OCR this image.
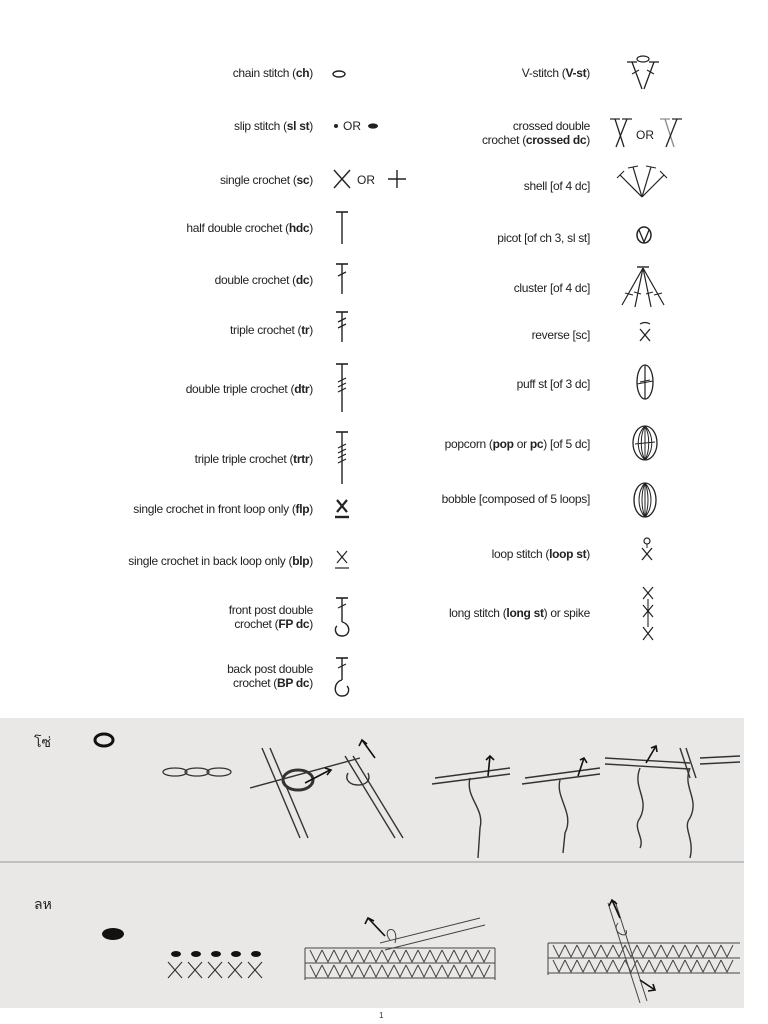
chain stitch (ch)
slip stitch (sl st)	OR
single crochet (sc)	OR
half double crochet (hdc)
double crochet (dc)
triple crochet (tr)
double triple crochet (dtr)
triple triple crochet (trtr)
single crochet in front loop only (flp)
single crochet in back loop only (blp)
front post double
crochet (FP dc)
back post double
crochet (BP dc)
V-stitch (V-st)
crossed double
crochet (crossed dc)	OR
shell [of 4 dc]
picot [of ch 3, sl st]
cluster [of 4 dc]
reverse [sc]
puff st [of 3 dc]
popcorn (pop or pc) [of 5 dc]
bobble [composed of 5 loops]
loop stitch (loop st)
long stitch (long st) or spike
โซ่
ลห
1
